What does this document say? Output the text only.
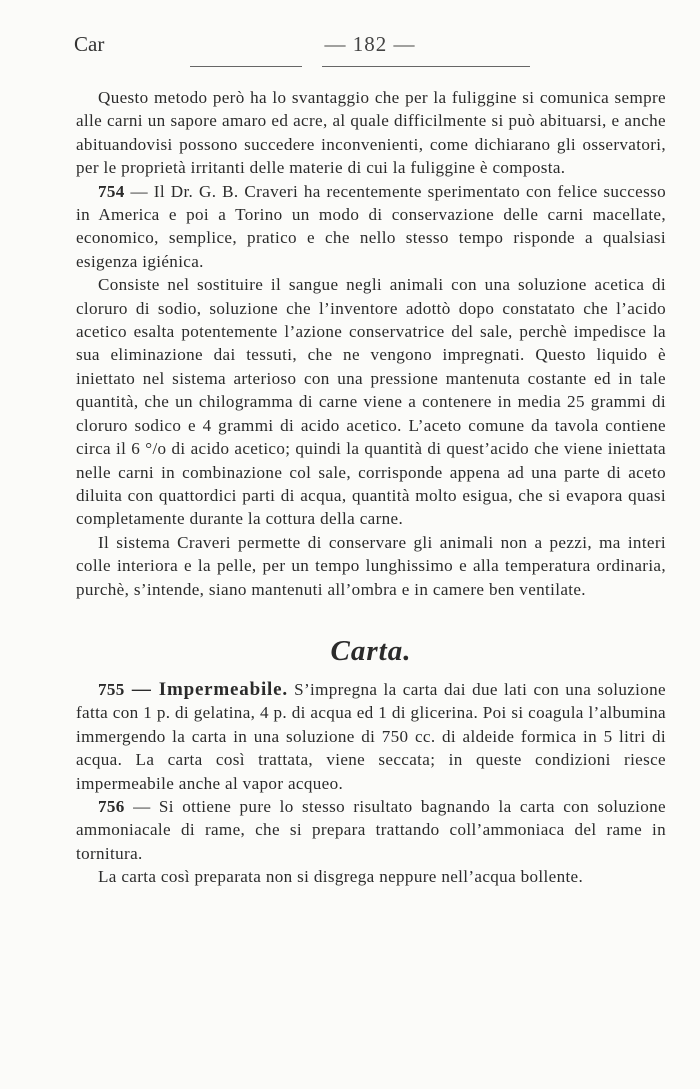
Car	— 182 —

Questo metodo però ha lo svantaggio che per la fuliggine si comunica sempre alle carni un sapore amaro ed acre, al quale difficilmente si può abituarsi, e anche abituandovisi possono succedere inconvenienti, come dichiarano gli osservatori, per le proprietà irritanti delle materie di cui la fuliggine è composta.

754 — Il Dr. G. B. Craveri ha recentemente sperimentato con felice successo in America e poi a Torino un modo di conservazione delle carni macellate, economico, semplice, pratico e che nello stesso tempo risponde a qualsiasi esigenza igiénica.

Consiste nel sostituire il sangue negli animali con una soluzione acetica di cloruro di sodio, soluzione che l’inventore adottò dopo constatato che l’acido acetico esalta potentemente l’azione conservatrice del sale, perchè impedisce la sua eliminazione dai tessuti, che ne vengono impregnati. Questo liquido è iniettato nel sistema arterioso con una pressione mantenuta costante ed in tale quantità, che un chilogramma di carne viene a contenere in media 25 grammi di cloruro sodico e 4 grammi di acido acetico. L’aceto comune da tavola contiene circa il 6 °/o di acido acetico; quindi la quantità di quest’acido che viene iniettata nelle carni in combinazione col sale, corrisponde appena ad una parte di aceto diluita con quattordici parti di acqua, quantità molto esigua, che si evapora quasi completamente durante la cottura della carne.

Il sistema Craveri permette di conservare gli animali non a pezzi, ma interi colle interiora e la pelle, per un tempo lunghissimo e alla temperatura ordinaria, purchè, s’intende, siano mantenuti all’ombra e in camere ben ventilate.

Carta.

755 — Impermeabile. S’impregna la carta dai due lati con una soluzione fatta con 1 p. di gelatina, 4 p. di acqua ed 1 di glicerina. Poi si coagula l’albumina immergendo la carta in una soluzione di 750 cc. di aldeide formica in 5 litri di acqua. La carta così trattata, viene seccata; in queste condizioni riesce impermeabile anche al vapor acqueo.

756 — Si ottiene pure lo stesso risultato bagnando la carta con soluzione ammoniacale di rame, che si prepara trattando coll’ammoniaca del rame in tornitura.

La carta così preparata non si disgrega neppure nell’acqua bollente.
